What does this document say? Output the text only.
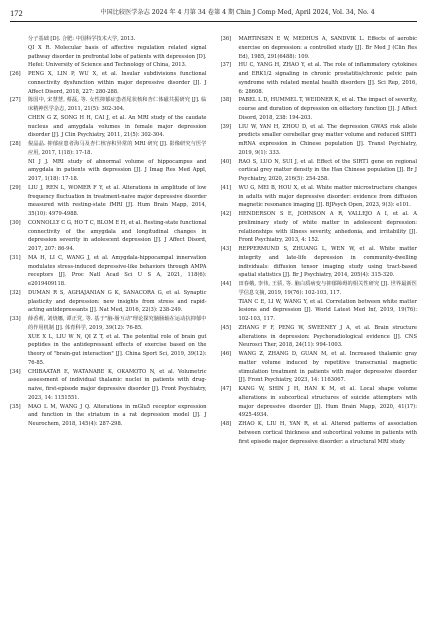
172	中国比较医学杂志 2024 年 4 月第 34 卷第 4 期 Chin J Comp Med, April 2024, Vol. 34, No. 4
分子基础 [D]. 合肥: 中国科学技术大学, 2013.
QI X R. Molecular basis of affective regulation related signal pathway disorder in prefrontal lobe of patients with depression [D]. Hefei: University of Science and Technology of China, 2013.
[26]	PENG X, LIN P, WU X, et al. Insular subdivisions functional connectivity dysfunction within major depressive disorder [J]. J Affect Disord, 2018, 227: 280-288.
[27]	陈国中, 宋慧慧, 蔡磊, 等. 女性抑郁症患者尾状核和杏仁体磁共振研究 [J]. 临床精神医学杂志, 2011, 21(5): 302-304.
CHEN G Z, SONG H H, CAI J, et al. An MRI study of the caudate nucleus and amygdala volumes in female major depression disorder [J]. J Clin Psychiatry, 2011, 21(5): 302-304.
[28]	倪晶晶. 抑郁症患者海马及杏仁核容积异常的 MRI 研究 [J]. 影像研究与医学应用, 2017, 1(18): 17-18.
NI J J. MRI study of abnormal volume of hippocampus and amygdala in patients with depression [J]. J Imag Res Med Appl, 2017, 1(18): 17-18.
[29]	LIU J, REN L, WOMER F Y, et al. Alterations in amplitude of low frequency fluctuation in treatment-naive major depressive disorder measured with resting-state fMRI [J]. Hum Brain Mapp, 2014, 35(10): 4979-4988.
[30]	CONNOLLY C G, HO T C, BLOM E H, et al. Resting-state functional connectivity of the amygdala and longitudinal changes in depression severity in adolescent depression [J]. J Affect Disord, 2017, 207: 86-94.
[31]	MA H, LI C, WANG J, et al. Amygdala-hippocampal innervation modulates stress-induced depressive-like behaviors through AMPA receptors [J]. Proc Natl Acad Sci U S A, 2021, 118(6): e2019409118.
[32]	DUMAN R S, AGHAJANIAN G K, SANACORA G, et al. Synaptic plasticity and depression: new insights from stress and rapid-acting antidepressants [J]. Nat Med, 2016, 22(3): 238-249.
[33]	薛香莉, 刘烧娜, 谭正党, 等. 基于"脑-肠互动"理论探究脑肠轴在运动抗抑郁中的作用机制 [J]. 体育科学, 2019, 39(12): 76-85.
XUE X L, LIU W N, QI Z T, et al. The potential role of brain gut peptides in the antidepressant effects of exercise based on the theory of "brain-gut interaction" [J]. China Sport Sci, 2019, 39(12): 76-85.
[34]	CHIBAATAR E, WATANABE K, OKAMOTO N, et al. Volumetric assessment of individual thalamic nuclei in patients with drug-naive, first-episode major depressive disorder [J]. Front Psychiatry, 2023, 14: 1151551.
[35]	MAO L M, WANG J Q. Alterations in mGlu5 receptor expression and function in the striatum in a rat depression model [J]. J Neurochem, 2018, 145(4): 287-298.
[36]	MARTINSEN E W, MEDHUS A, SANDVIK L. Effects of aerobic exercise on depression: a controlled study [J]. Br Med J (Clin Res Ed), 1985, 291(6488): 109.
[37]	HU C, YANG H, ZHAO Y, et al. The role of inflammatory cytokines and ERK1/2 signaling in chronic prostatitis/chronic pelvic pain syndrome with related mental health disorders [J]. Sci Rep, 2016, 6: 28608.
[38]	PABEL L D, HUMMEL T, WEIDNER K, et al. The impact of severity, course and duration of depression on olfactory function [J]. J Affect Disord, 2018, 238: 194-203.
[39]	LIU W, YAN H, ZHOU D, et al. The depression GWAS risk allele predicts smaller cerebellar gray matter volume and reduced SIRT1 mRNA expression in Chinese population [J]. Transl Psychiatry, 2019, 9(1): 333.
[40]	RAO S, LUO N, SUI J, et al. Effect of the SIRT1 gene on regional cortical grey matter density in the Han Chinese population [J]. Br J Psychiatry, 2020, 216(5): 254-258.
[41]	WU G, MEI B, HOU X, et al. White matter microstructure changes in adults with major depressive disorder: evidence from diffusion magnetic resonance imaging [J]. BJPsych Open, 2023, 9(3): e101.
[42]	HENDERSON S E, JOHNSON A R, VALLEJO A I, et al. A preliminary study of white matter in adolescent depression: relationships with illness severity, anhedonia, and irritability [J]. Front Psychiatry, 2013, 4: 152.
[43]	REPPERMUND S, ZHUANG L, WEN W, et al. White matter integrity and late-life depression in community-dwelling individuals: diffusion tensor imaging study using tract-based spatial statistics [J]. Br J Psychiatry, 2014, 205(4): 315-320.
[44]	田春娥, 李伟, 王骄, 等. 脑白质病变与抑郁障碍的相关性研究 [J]. 世界最新医学信息文摘, 2019, 19(76): 102-103, 117.
TIAN C E, LI W, WANG Y, et al. Correlation between white matter lesions and depression [J]. World Latest Med Inf, 2019, 19(76): 102-103, 117.
[45]	ZHANG F F, PENG W, SWEENEY J A, et al. Brain structure alterations in depression: Psychoradiological evidence [J]. CNS Neurosci Ther, 2018, 24(11): 994-1003.
[46]	WANG Z, ZHANG D, GUAN M, et al. Increased thalamic gray matter volume induced by repetitive transcranial magnetic stimulation treatment in patients with major depressive disorder [J]. Front Psychiatry, 2023, 14: 1163067.
[47]	KANG W, SHIN J H, HAN K M, et al. Local shape volume alterations in subcortical structures of suicide attempters with major depressive disorder [J]. Hum Brain Mapp, 2020, 41(17): 4925-4934.
[48]	ZHAO K, LIU H, YAN R, et al. Altered patterns of association between cortical thickness and subcortical volume in patients with first episode major depressive disorder: a structural MRI study
